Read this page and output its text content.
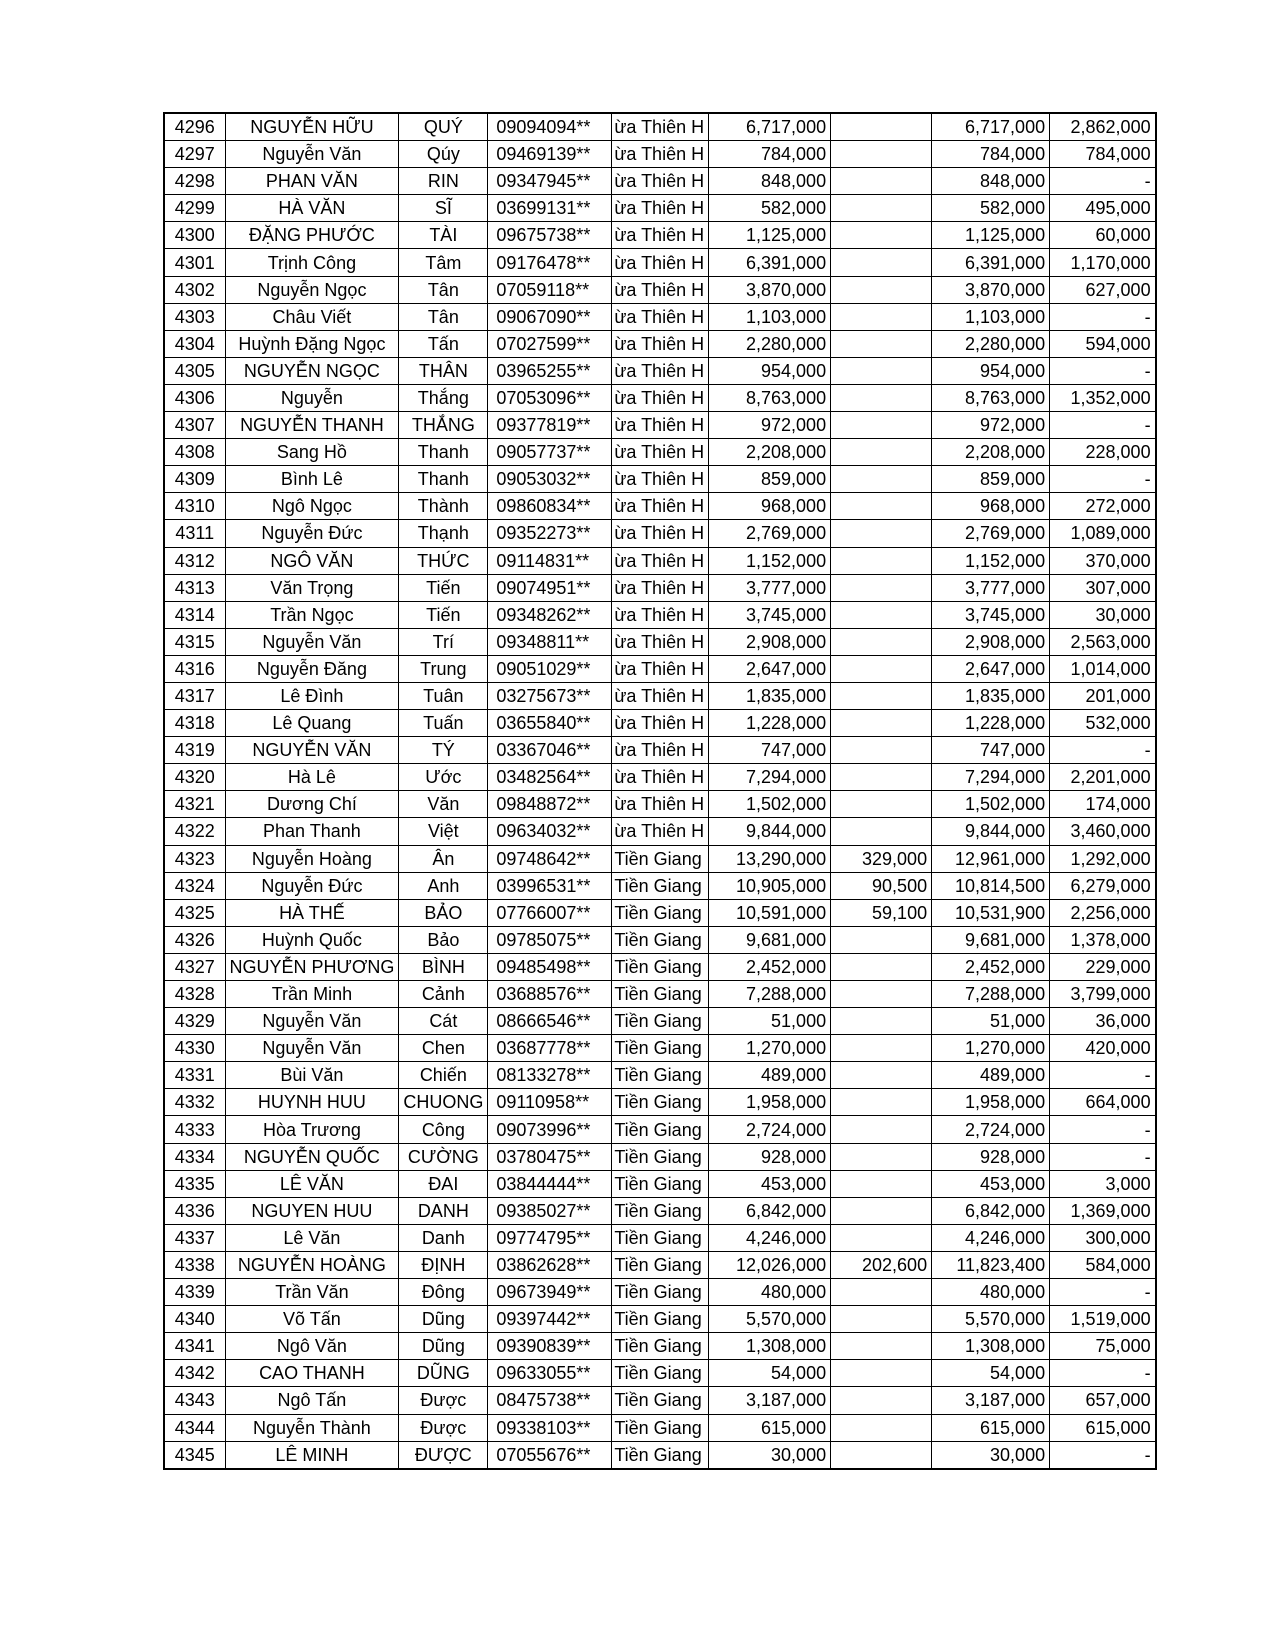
4296	NGUYỄN HỮU	QUÝ	09094094**	ừa Thiên H	6,717,000		6,717,000	2,862,000
4297	Nguyễn Văn	Qúy	09469139**	ừa Thiên H	784,000		784,000	784,000
4298	PHAN VĂN	RIN	09347945**	ừa Thiên H	848,000		848,000	-
4299	HÀ VĂN	SĨ	03699131**	ừa Thiên H	582,000		582,000	495,000
4300	ĐẶNG PHƯỚC	TÀI	09675738**	ừa Thiên H	1,125,000		1,125,000	60,000
4301	Trịnh Công	Tâm	09176478**	ừa Thiên H	6,391,000		6,391,000	1,170,000
4302	Nguyễn Ngọc	Tân	07059118**	ừa Thiên H	3,870,000		3,870,000	627,000
4303	Châu Viết	Tân	09067090**	ừa Thiên H	1,103,000		1,103,000	-
4304	Huỳnh Đặng Ngọc	Tấn	07027599**	ừa Thiên H	2,280,000		2,280,000	594,000
4305	NGUYỄN NGỌC	THÂN	03965255**	ừa Thiên H	954,000		954,000	-
4306	Nguyễn	Thắng	07053096**	ừa Thiên H	8,763,000		8,763,000	1,352,000
4307	NGUYỄN THANH	THẮNG	09377819**	ừa Thiên H	972,000		972,000	-
4308	Sang Hồ	Thanh	09057737**	ừa Thiên H	2,208,000		2,208,000	228,000
4309	Bình Lê	Thanh	09053032**	ừa Thiên H	859,000		859,000	-
4310	Ngô Ngọc	Thành	09860834**	ừa Thiên H	968,000		968,000	272,000
4311	Nguyễn Đức	Thạnh	09352273**	ừa Thiên H	2,769,000		2,769,000	1,089,000
4312	NGÔ VĂN	THỨC	09114831**	ừa Thiên H	1,152,000		1,152,000	370,000
4313	Văn Trọng	Tiến	09074951**	ừa Thiên H	3,777,000		3,777,000	307,000
4314	Trần Ngọc	Tiến	09348262**	ừa Thiên H	3,745,000		3,745,000	30,000
4315	Nguyễn Văn	Trí	09348811**	ừa Thiên H	2,908,000		2,908,000	2,563,000
4316	Nguyễn Đăng	Trung	09051029**	ừa Thiên H	2,647,000		2,647,000	1,014,000
4317	Lê Đình	Tuân	03275673**	ừa Thiên H	1,835,000		1,835,000	201,000
4318	Lê Quang	Tuấn	03655840**	ừa Thiên H	1,228,000		1,228,000	532,000
4319	NGUYỄN VĂN	TÝ	03367046**	ừa Thiên H	747,000		747,000	-
4320	Hà Lê	Ước	03482564**	ừa Thiên H	7,294,000		7,294,000	2,201,000
4321	Dương Chí	Văn	09848872**	ừa Thiên H	1,502,000		1,502,000	174,000
4322	Phan Thanh	Việt	09634032**	ừa Thiên H	9,844,000		9,844,000	3,460,000
4323	Nguyễn Hoàng	Ân	09748642**	Tiền Giang	13,290,000	329,000	12,961,000	1,292,000
4324	Nguyễn Đức	Anh	03996531**	Tiền Giang	10,905,000	90,500	10,814,500	6,279,000
4325	HÀ THẾ	BẢO	07766007**	Tiền Giang	10,591,000	59,100	10,531,900	2,256,000
4326	Huỳnh Quốc	Bảo	09785075**	Tiền Giang	9,681,000		9,681,000	1,378,000
4327	NGUYỄN PHƯƠNG	BÌNH	09485498**	Tiền Giang	2,452,000		2,452,000	229,000
4328	Trần Minh	Cảnh	03688576**	Tiền Giang	7,288,000		7,288,000	3,799,000
4329	Nguyễn Văn	Cát	08666546**	Tiền Giang	51,000		51,000	36,000
4330	Nguyễn Văn	Chen	03687778**	Tiền Giang	1,270,000		1,270,000	420,000
4331	Bùi Văn	Chiến	08133278**	Tiền Giang	489,000		489,000	-
4332	HUYNH HUU	CHUONG	09110958**	Tiền Giang	1,958,000		1,958,000	664,000
4333	Hòa Trương	Công	09073996**	Tiền Giang	2,724,000		2,724,000	-
4334	NGUYỄN QUỐC	CƯỜNG	03780475**	Tiền Giang	928,000		928,000	-
4335	LÊ VĂN	ĐAI	03844444**	Tiền Giang	453,000		453,000	3,000
4336	NGUYEN HUU	DANH	09385027**	Tiền Giang	6,842,000		6,842,000	1,369,000
4337	Lê Văn	Danh	09774795**	Tiền Giang	4,246,000		4,246,000	300,000
4338	NGUYỄN HOÀNG	ĐỊNH	03862628**	Tiền Giang	12,026,000	202,600	11,823,400	584,000
4339	Trần Văn	Đông	09673949**	Tiền Giang	480,000		480,000	-
4340	Võ Tấn	Dũng	09397442**	Tiền Giang	5,570,000		5,570,000	1,519,000
4341	Ngô Văn	Dũng	09390839**	Tiền Giang	1,308,000		1,308,000	75,000
4342	CAO THANH	DŨNG	09633055**	Tiền Giang	54,000		54,000	-
4343	Ngô Tấn	Được	08475738**	Tiền Giang	3,187,000		3,187,000	657,000
4344	Nguyễn Thành	Được	09338103**	Tiền Giang	615,000		615,000	615,000
4345	LÊ MINH	ĐƯỢC	07055676**	Tiền Giang	30,000		30,000	-
